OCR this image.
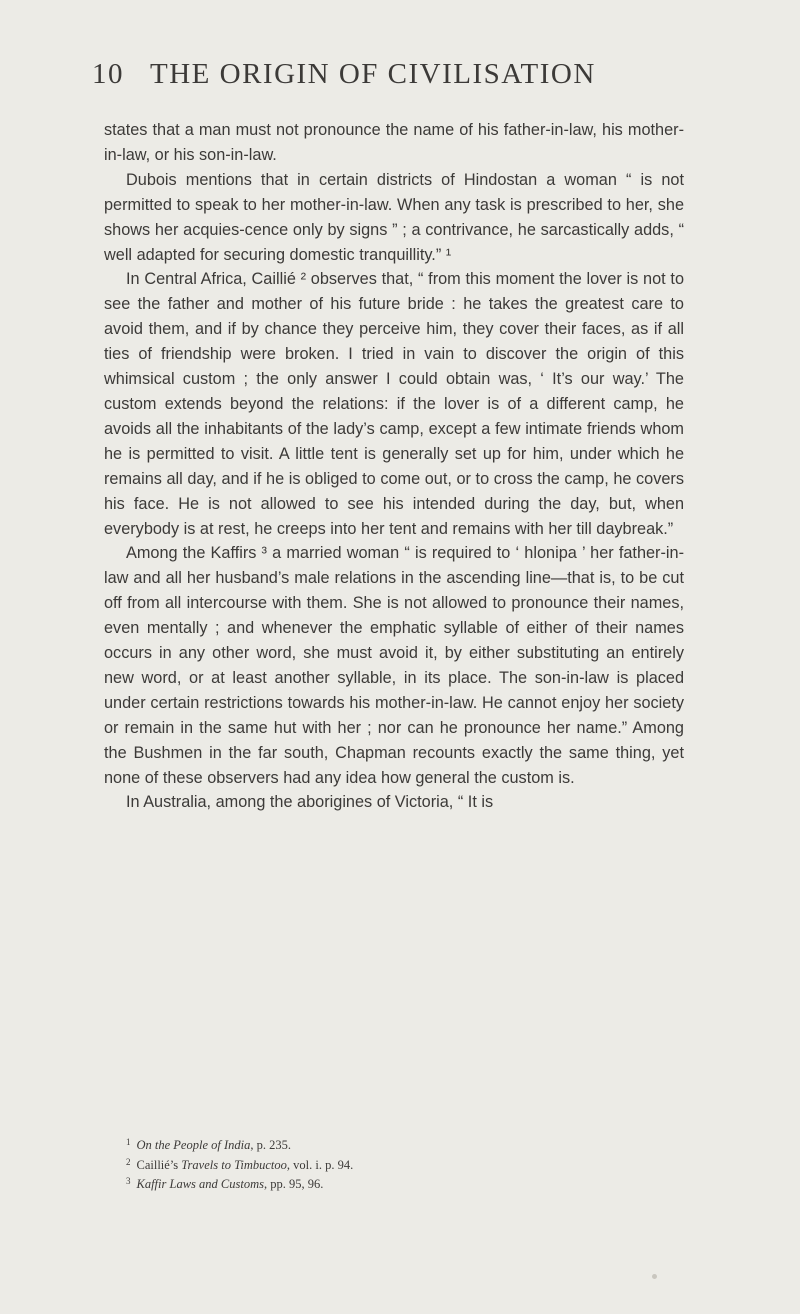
10 THE ORIGIN OF CIVILISATION

states that a man must not pronounce the name of his father-in-law, his mother-in-law, or his son-in-law.

Dubois mentions that in certain districts of Hindostan a woman “ is not permitted to speak to her mother-in-law. When any task is prescribed to her, she shows her acquies-cence only by signs ” ; a contrivance, he sarcastically adds, “ well adapted for securing domestic tranquillity.” ¹

In Central Africa, Caillié ² observes that, “ from this moment the lover is not to see the father and mother of his future bride : he takes the greatest care to avoid them, and if by chance they perceive him, they cover their faces, as if all ties of friendship were broken. I tried in vain to discover the origin of this whimsical custom ; the only answer I could obtain was, ‘ It’s our way.’ The custom extends beyond the relations: if the lover is of a different camp, he avoids all the inhabitants of the lady’s camp, except a few intimate friends whom he is permitted to visit. A little tent is generally set up for him, under which he remains all day, and if he is obliged to come out, or to cross the camp, he covers his face. He is not allowed to see his intended during the day, but, when everybody is at rest, he creeps into her tent and remains with her till daybreak.”

Among the Kaffirs ³ a married woman “ is required to ‘ hlonipa ’ her father-in-law and all her husband’s male relations in the ascending line—that is, to be cut off from all intercourse with them. She is not allowed to pronounce their names, even mentally ; and whenever the emphatic syllable of either of their names occurs in any other word, she must avoid it, by either substituting an entirely new word, or at least another syllable, in its place. The son-in-law is placed under certain restrictions towards his mother-in-law. He cannot enjoy her society or remain in the same hut with her ; nor can he pronounce her name.” Among the Bushmen in the far south, Chapman recounts exactly the same thing, yet none of these observers had any idea how general the custom is.

In Australia, among the aborigines of Victoria, “ It is

$^1$ On the People of India, p. 235.
$^2$ Caillié’s Travels to Timbuctoo, vol. i. p. 94.
$^3$ Kaffir Laws and Customs, pp. 95, 96.
